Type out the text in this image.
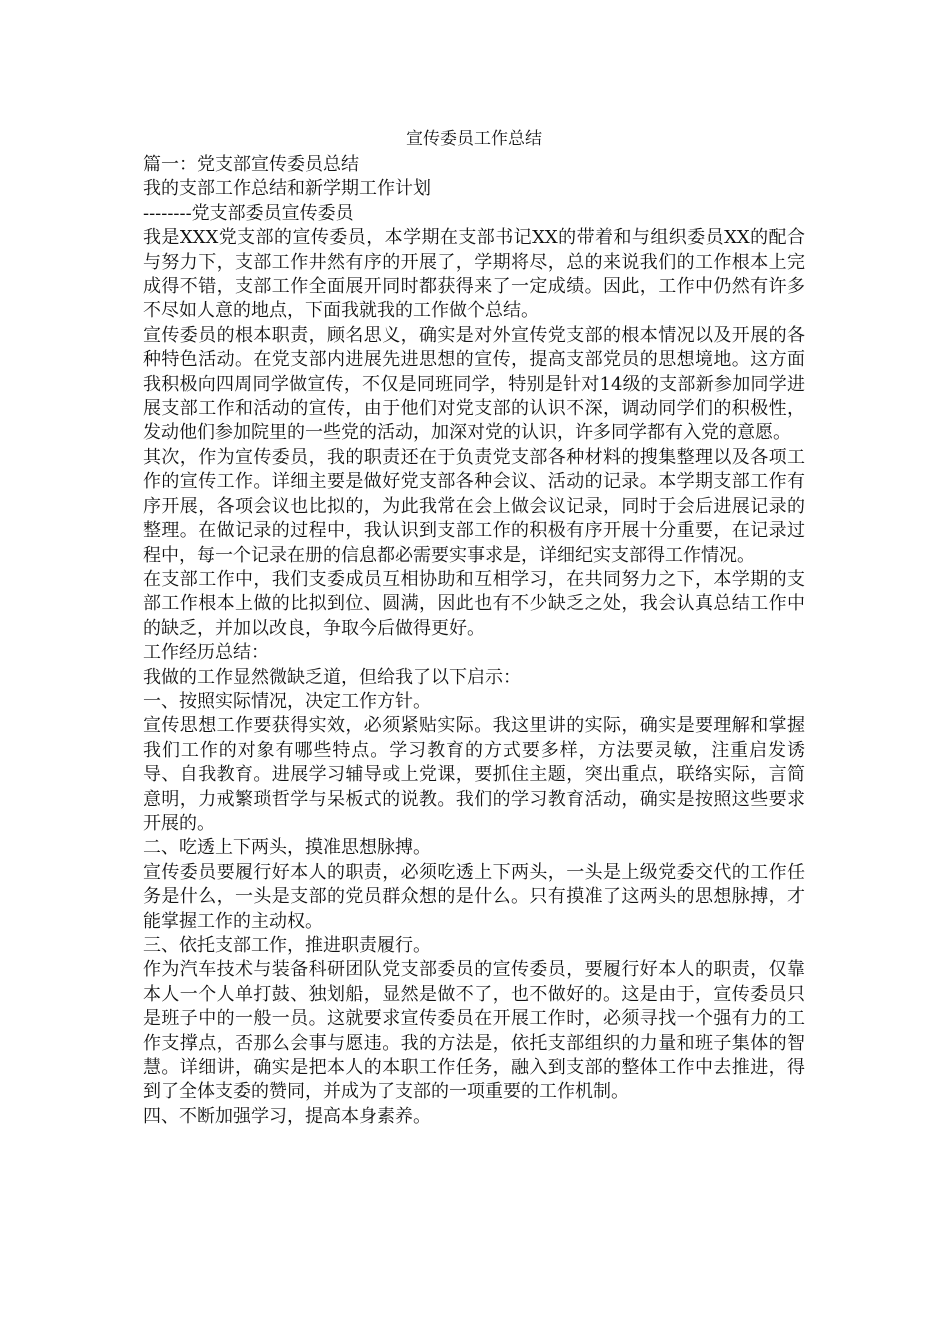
宣传委员工作总结

篇一：党支部宣传委员总结

我的支部工作总结和新学期工作计划

--------党支部委员宣传委员

我是XXX党支部的宣传委员，本学期在支部书记XX的带着和与组织委员XX的配合与努力下，支部工作井然有序的开展了，学期将尽，总的来说我们的工作根本上完成得不错，支部工作全面展开同时都获得来了一定成绩。因此，工作中仍然有许多不尽如人意的地点，下面我就我的工作做个总结。

宣传委员的根本职责，顾名思义，确实是对外宣传党支部的根本情况以及开展的各种特色活动。在党支部内进展先进思想的宣传，提高支部党员的思想境地。这方面我积极向四周同学做宣传，不仅是同班同学，特别是针对14级的支部新参加同学进展支部工作和活动的宣传，由于他们对党支部的认识不深，调动同学们的积极性，发动他们参加院里的一些党的活动，加深对党的认识，许多同学都有入党的意愿。

其次，作为宣传委员，我的职责还在于负责党支部各种材料的搜集整理以及各项工作的宣传工作。详细主要是做好党支部各种会议、活动的记录。本学期支部工作有序开展，各项会议也比拟的，为此我常在会上做会议记录，同时于会后进展记录的整理。在做记录的过程中，我认识到支部工作的积极有序开展十分重要，在记录过程中，每一个记录在册的信息都必需要实事求是，详细纪实支部得工作情况。

在支部工作中，我们支委成员互相协助和互相学习，在共同努力之下，本学期的支部工作根本上做的比拟到位、圆满，因此也有不少缺乏之处，我会认真总结工作中的缺乏，并加以改良，争取今后做得更好。

工作经历总结：

我做的工作显然微缺乏道，但给我了以下启示：

一、按照实际情况，决定工作方针。

宣传思想工作要获得实效，必须紧贴实际。我这里讲的实际，确实是要理解和掌握我们工作的对象有哪些特点。学习教育的方式要多样，方法要灵敏，注重启发诱导、自我教育。进展学习辅导或上党课，要抓住主题，突出重点，联络实际，言简意明，力戒繁琐哲学与呆板式的说教。我们的学习教育活动，确实是按照这些要求开展的。

二、吃透上下两头，摸准思想脉搏。

宣传委员要履行好本人的职责，必须吃透上下两头，一头是上级党委交代的工作任务是什么，一头是支部的党员群众想的是什么。只有摸准了这两头的思想脉搏，才能掌握工作的主动权。

三、依托支部工作，推进职责履行。

作为汽车技术与装备科研团队党支部委员的宣传委员，要履行好本人的职责，仅靠本人一个人单打鼓、独划船，显然是做不了，也不做好的。这是由于，宣传委员只是班子中的一般一员。这就要求宣传委员在开展工作时，必须寻找一个强有力的工作支撑点，否那么会事与愿违。我的方法是，依托支部组织的力量和班子集体的智慧。详细讲，确实是把本人的本职工作任务，融入到支部的整体工作中去推进，得到了全体支委的赞同，并成为了支部的一项重要的工作机制。

四、不断加强学习，提高本身素养。
